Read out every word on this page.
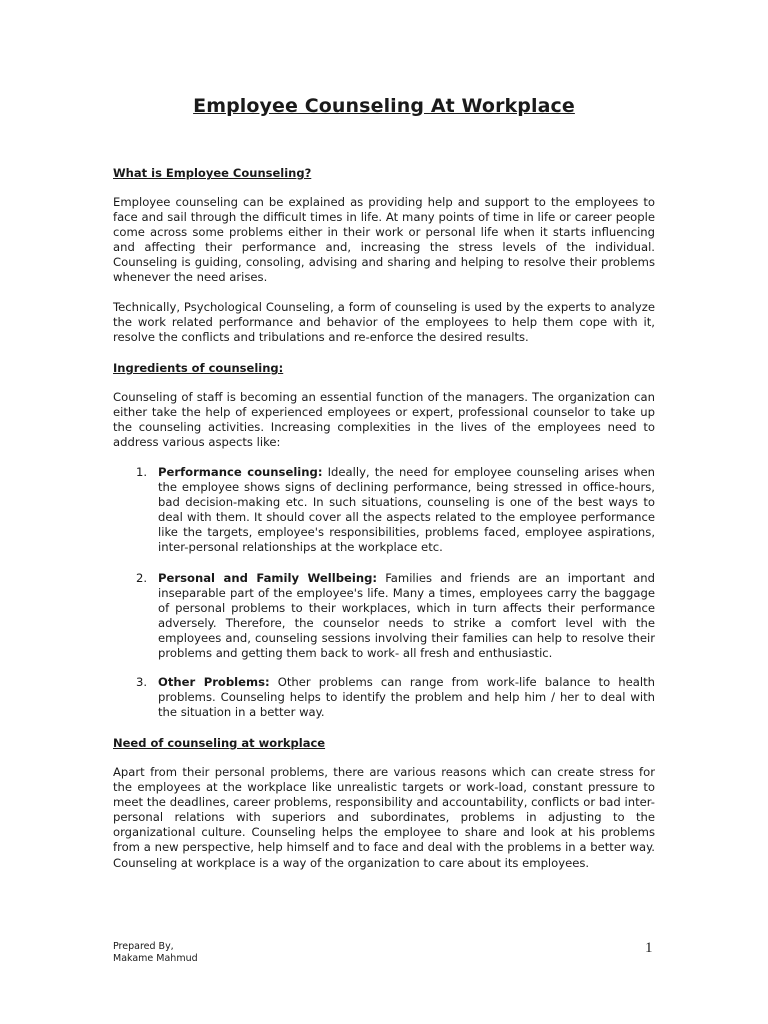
Employee Counseling At Workplace
What is Employee Counseling?

Employee counseling can be explained as providing help and support to the employees to face and sail through the difficult times in life. At many points of time in life or career people come across some problems either in their work or personal life when it starts influencing and affecting their performance and, increasing the stress levels of the individual. Counseling is guiding, consoling, advising and sharing and helping to resolve their problems whenever the need arises.

Technically, Psychological Counseling, a form of counseling is used by the experts to analyze the work related performance and behavior of the employees to help them cope with it, resolve the conflicts and tribulations and re-enforce the desired results.

Ingredients of counseling:

Counseling of staff is becoming an essential function of the managers. The organization can either take the help of experienced employees or expert, professional counselor to take up the counseling activities. Increasing complexities in the lives of the employees need to address various aspects like:

1. Performance counseling: Ideally, the need for employee counseling arises when the employee shows signs of declining performance, being stressed in office-hours, bad decision-making etc. In such situations, counseling is one of the best ways to deal with them. It should cover all the aspects related to the employee performance like the targets, employee's responsibilities, problems faced, employee aspirations, inter-personal relationships at the workplace etc.

2. Personal and Family Wellbeing: Families and friends are an important and inseparable part of the employee's life. Many a times, employees carry the baggage of personal problems to their workplaces, which in turn affects their performance adversely. Therefore, the counselor needs to strike a comfort level with the employees and, counseling sessions involving their families can help to resolve their problems and getting them back to work- all fresh and enthusiastic.

3. Other Problems: Other problems can range from work-life balance to health problems. Counseling helps to identify the problem and help him / her to deal with the situation in a better way.

Need of counseling at workplace

Apart from their personal problems, there are various reasons which can create stress for the employees at the workplace like unrealistic targets or work-load, constant pressure to meet the deadlines, career problems, responsibility and accountability, conflicts or bad inter-personal relations with superiors and subordinates, problems in adjusting to the organizational culture. Counseling helps the employee to share and look at his problems from a new perspective, help himself and to face and deal with the problems in a better way. Counseling at workplace is a way of the organization to care about its employees.

Prepared By,
Makame Mahmud
1
